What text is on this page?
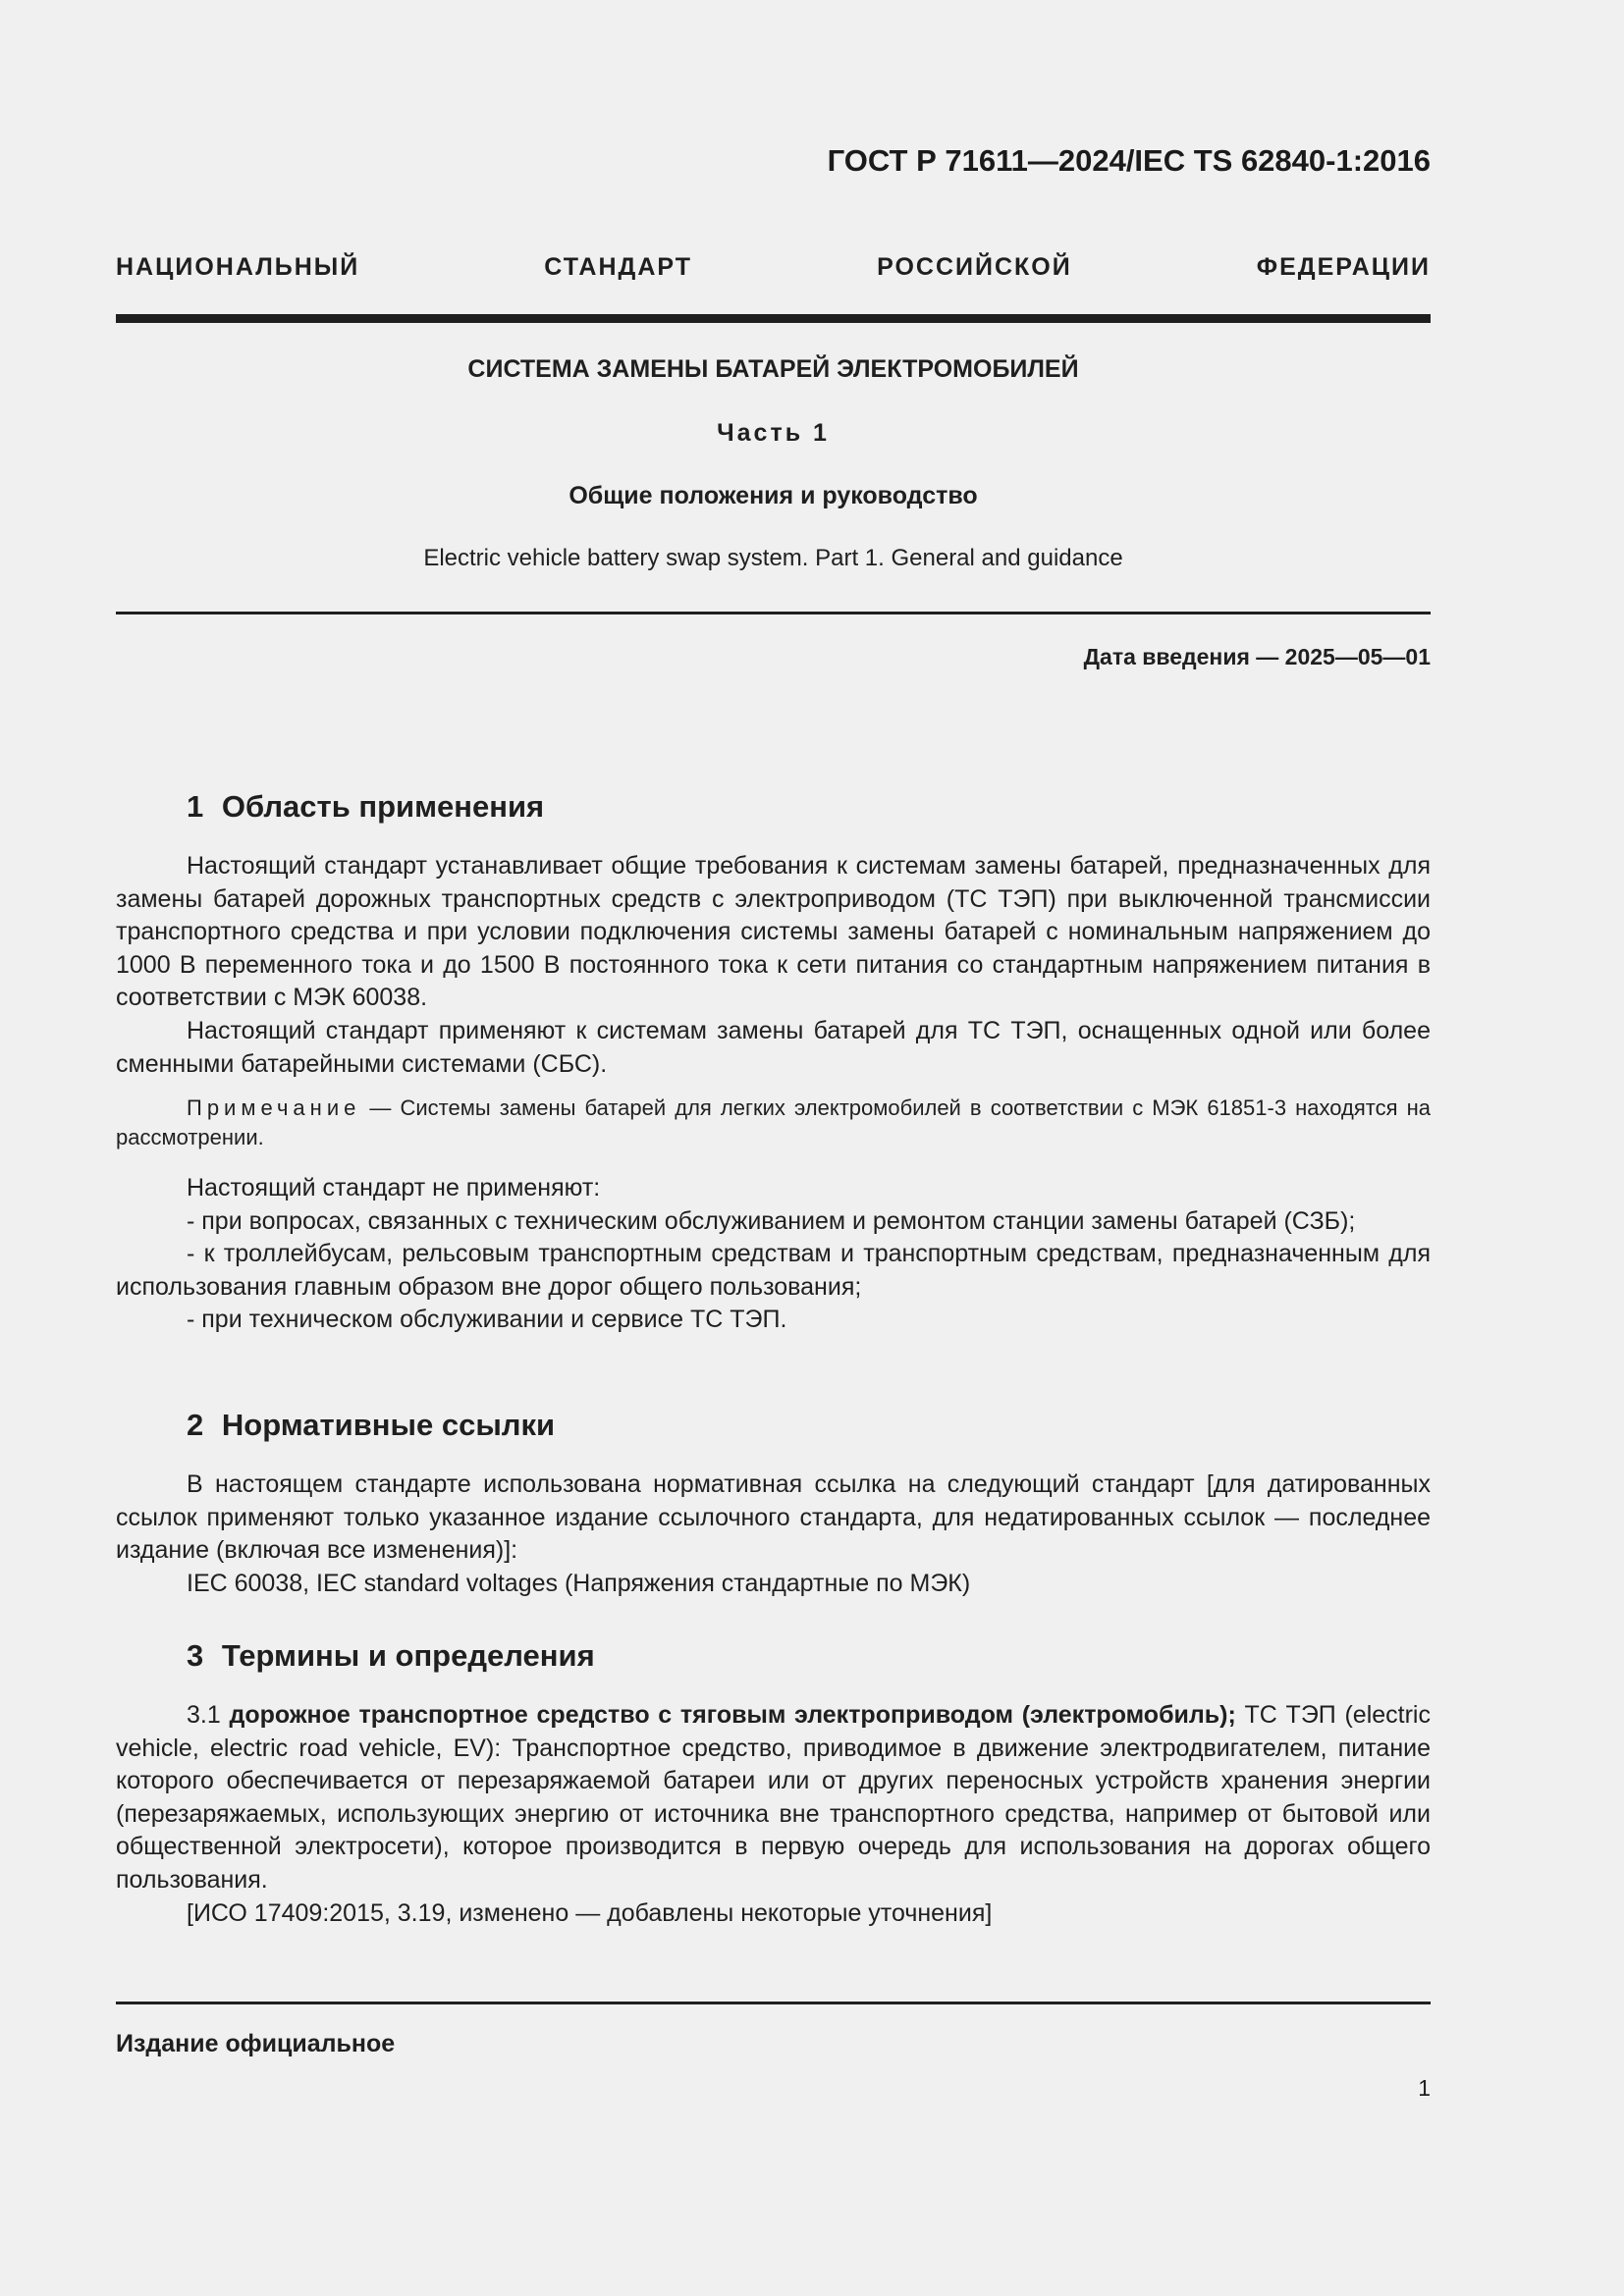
ГОСТ Р 71611—2024/IEC TS 62840-1:2016
НАЦИОНАЛЬНЫЙ СТАНДАРТ РОССИЙСКОЙ ФЕДЕРАЦИИ
СИСТЕМА ЗАМЕНЫ БАТАРЕЙ ЭЛЕКТРОМОБИЛЕЙ
Часть 1
Общие положения и руководство
Electric vehicle battery swap system. Part 1. General and guidance
Дата введения — 2025—05—01
1 Область применения

Настоящий стандарт устанавливает общие требования к системам замены батарей, предназначенных для замены батарей дорожных транспортных средств с электроприводом (ТС ТЭП) при выключенной трансмиссии транспортного средства и при условии подключения системы замены батарей с номинальным напряжением до 1000 В переменного тока и до 1500 В постоянного тока к сети питания со стандартным напряжением питания в соответствии с МЭК 60038.

Настоящий стандарт применяют к системам замены батарей для ТС ТЭП, оснащенных одной или более сменными батарейными системами (СБС).

Примечание — Системы замены батарей для легких электромобилей в соответствии с МЭК 61851-3 находятся на рассмотрении.

Настоящий стандарт не применяют:

- при вопросах, связанных с техническим обслуживанием и ремонтом станции замены батарей (СЗБ);

- к троллейбусам, рельсовым транспортным средствам и транспортным средствам, предназначенным для использования главным образом вне дорог общего пользования;

- при техническом обслуживании и сервисе ТС ТЭП.

2 Нормативные ссылки

В настоящем стандарте использована нормативная ссылка на следующий стандарт [для датированных ссылок применяют только указанное издание ссылочного стандарта, для недатированных ссылок — последнее издание (включая все изменения)]:

IEC 60038, IEC standard voltages (Напряжения стандартные по МЭК)

3 Термины и определения

3.1 дорожное транспортное средство с тяговым электроприводом (электромобиль); ТС ТЭП (electric vehicle, electric road vehicle, EV): Транспортное средство, приводимое в движение электродвигателем, питание которого обеспечивается от перезаряжаемой батареи или от других переносных устройств хранения энергии (перезаряжаемых, использующих энергию от источника вне транспортного средства, например от бытовой или общественной электросети), которое производится в первую очередь для использования на дорогах общего пользования.

[ИСО 17409:2015, 3.19, изменено — добавлены некоторые уточнения]

Издание официальное
1
